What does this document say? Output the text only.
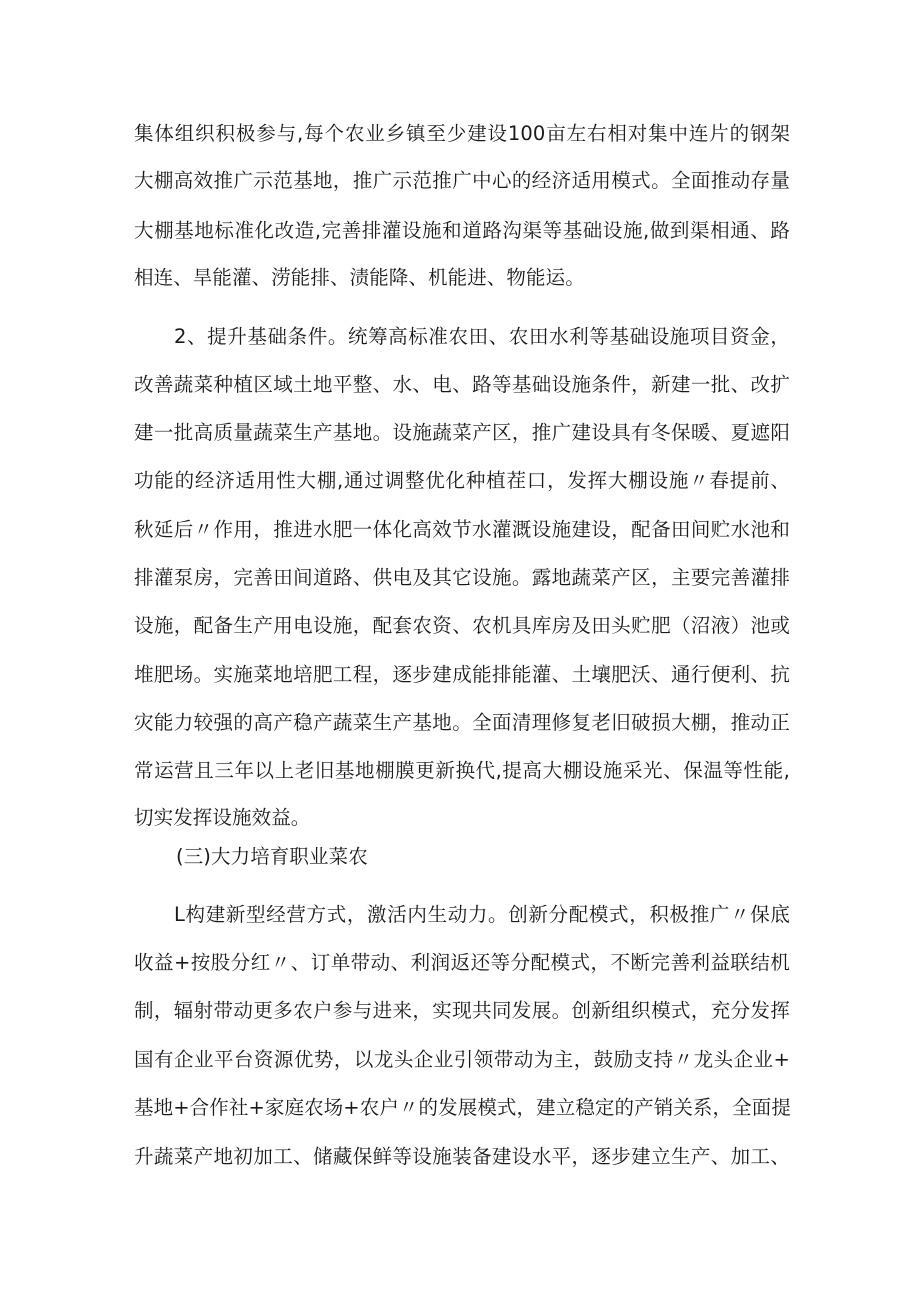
集体组织积极参与,每个农业乡镇至少建设100亩左右相对集中连片的钢架
大棚高效推广示范基地，推广示范推广中心的经济适用模式。全面推动存量
大棚基地标准化改造,完善排灌设施和道路沟渠等基础设施,做到渠相通、路
相连、旱能灌、涝能排、渍能降、机能进、物能运。
2、提升基础条件。统筹高标准农田、农田水利等基础设施项目资金，
改善蔬菜种植区域土地平整、水、电、路等基础设施条件，新建一批、改扩
建一批高质量蔬菜生产基地。设施蔬菜产区，推广建设具有冬保暖、夏遮阳
功能的经济适用性大棚,通过调整优化种植茬口，发挥大棚设施〃春提前、
秋延后〃作用，推进水肥一体化高效节水灌溉设施建设，配备田间贮水池和
排灌泵房，完善田间道路、供电及其它设施。露地蔬菜产区，主要完善灌排
设施，配备生产用电设施，配套农资、农机具库房及田头贮肥（沼液）池或
堆肥场。实施菜地培肥工程，逐步建成能排能灌、土壤肥沃、通行便利、抗
灾能力较强的高产稳产蔬菜生产基地。全面清理修复老旧破损大棚，推动正
常运营且三年以上老旧基地棚膜更新换代,提高大棚设施采光、保温等性能,
切实发挥设施效益。
(三)大力培育职业菜农
L构建新型经营方式，激活内生动力。创新分配模式，积极推广〃保底
收益+按股分红〃、订单带动、利润返还等分配模式，不断完善利益联结机
制，辐射带动更多农户参与进来，实现共同发展。创新组织模式，充分发挥
国有企业平台资源优势，以龙头企业引领带动为主，鼓励支持〃龙头企业+
基地+合作社+家庭农场+农户〃的发展模式，建立稳定的产销关系，全面提
升蔬菜产地初加工、储藏保鲜等设施装备建设水平，逐步建立生产、加工、
